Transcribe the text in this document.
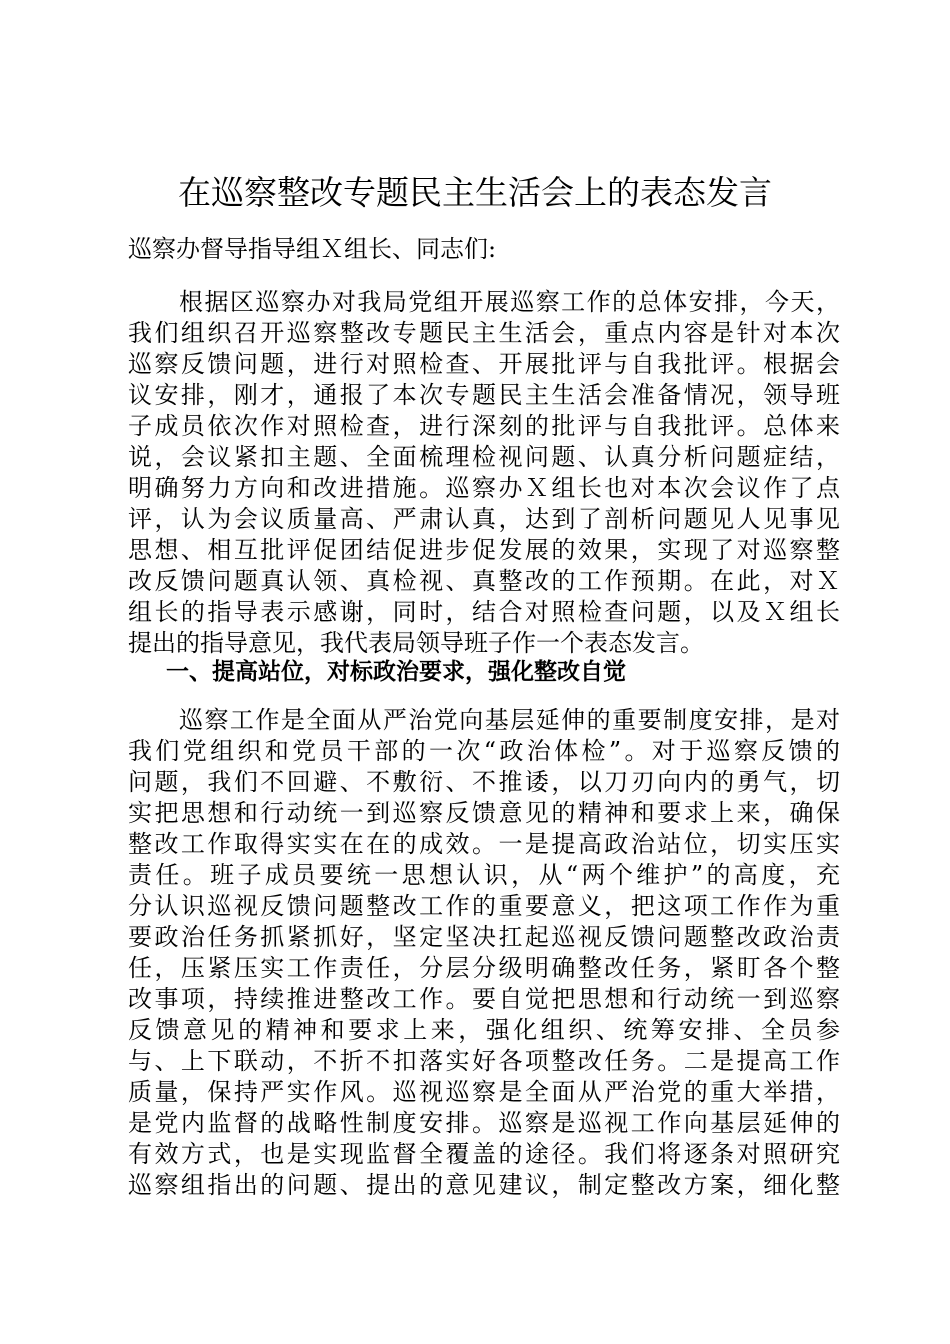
在巡察整改专题民主生活会上的表态发言
巡察办督导指导组Ｘ组长、同志们:
　　根据区巡察办对我局党组开展巡察工作的总体安排，今天，
我们组织召开巡察整改专题民主生活会，重点内容是针对本次
巡察反馈问题，进行对照检查、开展批评与自我批评。根据会
议安排，刚才，通报了本次专题民主生活会准备情况，领导班
子成员依次作对照检查，进行深刻的批评与自我批评。总体来
说，会议紧扣主题、全面梳理检视问题、认真分析问题症结，
明确努力方向和改进措施。巡察办Ｘ组长也对本次会议作了点
评，认为会议质量高、严肃认真，达到了剖析问题见人见事见
思想、相互批评促团结促进步促发展的效果，实现了对巡察整
改反馈问题真认领、真检视、真整改的工作预期。在此，对Ｘ
组长的指导表示感谢，同时，结合对照检查问题，以及Ｘ组长
提出的指导意见，我代表局领导班子作一个表态发言。
一、提高站位，对标政治要求，强化整改自觉
　　巡察工作是全面从严治党向基层延伸的重要制度安排，是对
我们党组织和党员干部的一次“政治体检”。对于巡察反馈的
问题，我们不回避、不敷衍、不推诿，以刀刃向内的勇气，切
实把思想和行动统一到巡察反馈意见的精神和要求上来，确保
整改工作取得实实在在的成效。一是提高政治站位，切实压实
责任。班子成员要统一思想认识，从“两个维护”的高度，充
分认识巡视反馈问题整改工作的重要意义，把这项工作作为重
要政治任务抓紧抓好，坚定坚决扛起巡视反馈问题整改政治责
任，压紧压实工作责任，分层分级明确整改任务，紧盯各个整
改事项，持续推进整改工作。要自觉把思想和行动统一到巡察
反馈意见的精神和要求上来，强化组织、统筹安排、全员参
与、上下联动，不折不扣落实好各项整改任务。二是提高工作
质量，保持严实作风。巡视巡察是全面从严治党的重大举措，
是党内监督的战略性制度安排。巡察是巡视工作向基层延伸的
有效方式，也是实现监督全覆盖的途径。我们将逐条对照研究
巡察组指出的问题、提出的意见建议，制定整改方案，细化整
